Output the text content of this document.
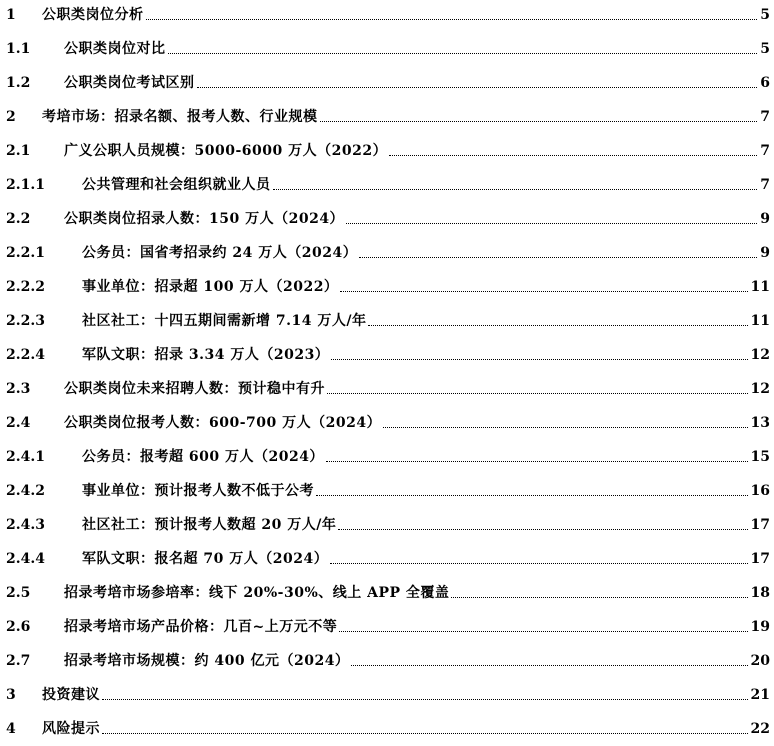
1	公职类岗位分析	5
1.1	公职类岗位对比	5
1.2	公职类岗位考试区别	6
2	考培市场：招录名额、报考人数、行业规模	7
2.1	广义公职人员规模：5000-6000 万人（2022）	7
2.1.1	公共管理和社会组织就业人员	7
2.2	公职类岗位招录人数：150 万人（2024）	9
2.2.1	公务员：国省考招录约 24 万人（2024）	9
2.2.2	事业单位：招录超 100 万人（2022）	11
2.2.3	社区社工：十四五期间需新增 7.14 万人/年	11
2.2.4	军队文职：招录 3.34 万人（2023）	12
2.3	公职类岗位未来招聘人数：预计稳中有升	12
2.4	公职类岗位报考人数：600-700 万人（2024）	13
2.4.1	公务员：报考超 600 万人（2024）	15
2.4.2	事业单位：预计报考人数不低于公考	16
2.4.3	社区社工：预计报考人数超 20 万人/年	17
2.4.4	军队文职：报名超 70 万人（2024）	17
2.5	招录考培市场参培率：线下 20%-30%、线上 APP 全覆盖	18
2.6	招录考培市场产品价格：几百~上万元不等	19
2.7	招录考培市场规模：约 400 亿元（2024）	20
3	投资建议	21
4	风险提示	22
